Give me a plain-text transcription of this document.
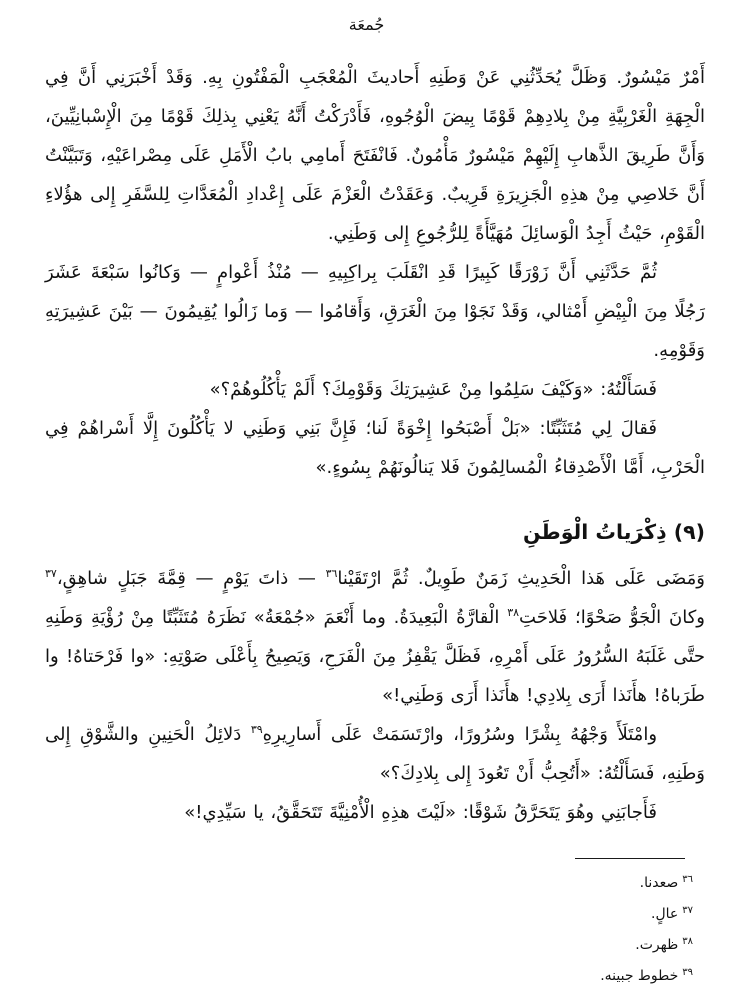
جُمعَة

أَمْرٌ مَيْسُورٌ. وَظَلَّ يُحَدِّثُنِي عَنْ وَطَنِهِ أَحاديثَ الْمُعْجَبِ الْمَفْتُونِ بِهِ. وَقَدْ أَخْبَرَنِي أَنَّ فِي الْجِهَةِ الْغَرْبِيَّةِ مِنْ بِلادِهِمْ قَوْمًا بِيضَ الْوُجُوهِ، فَأَدْرَكْتُ أَنَّهُ يَعْنِي بِذلِكَ قَوْمًا مِنَ الْإِسْبانِيِّينَ، وَأَنَّ طَرِيقَ الذَّهابِ إِلَيْهِمْ مَيْسُورٌ مَأْمُونٌ. فَانْفَتَحَ أَمامِي بابُ الْأَمَلِ عَلَى مِصْراعَيْهِ، وَتَبَيَّنْتُ أَنَّ خَلاصِي مِنْ هذِهِ الْجَزِيرَةِ قَرِيبٌ. وَعَقَدْتُ الْعَزْمَ عَلَى إِعْدادِ الْمُعَدَّاتِ لِلسَّفَرِ إِلى هؤُلاءِ الْقَوْمِ، حَيْثُ أَجِدُ الْوَسائِلَ مُهَيَّأَةً لِلرُّجُوعِ إِلى وَطَنِي.

ثُمَّ حَدَّثَنِي أَنَّ زَوْرَقًا كَبِيرًا قَدِ انْقَلَبَ بِراكِبِيهِ — مُنْذُ أَعْوامٍ — وَكانُوا سَبْعَةَ عَشَرَ رَجُلًا مِنَ الْبِيْضِ أَمْثالي، وَقَدْ نَجَوْا مِنَ الْغَرَقِ، وَأَقامُوا — وَما زَالُوا يُقِيمُونَ — بَيْنَ عَشِيرَتِهِ وَقَوْمِهِ.

فَسَأَلْتُهُ: «وَكَيْفَ سَلِمُوا مِنْ عَشِيرَتِكَ وَقَوْمِكَ؟ أَلَمْ يَأْكُلُوهُمْ؟»

فَقالَ لِي مُتَثَبِّتًا: «بَلْ أَصْبَحُوا إِخْوَةً لَنا؛ فَإِنَّ بَنِي وَطَنِي لا يَأْكُلُونَ إِلَّا أَسْراهُمْ فِي الْحَرْبِ، أَمَّا الْأَصْدِقاءُ الْمُسالِمُونَ فَلا يَنالُونَهُمْ بِسُوءٍ.»

(٩) ذِكْرَياتُ الْوَطَنِ

وَمَضَى عَلَى هَذا الْحَدِيثِ زَمَنٌ طَوِيلٌ. ثُمَّ ارْتَقَيْنا$^{٣٦}$ — ذاتَ يَوْمٍ — قِمَّةَ جَبَلٍ شاهِقٍ،$^{٣٧}$ وكانَ الْجَوُّ صَحْوًا؛ فَلاحَتِ$^{٣٨}$ الْقارَّةُ الْبَعِيدَةُ. وما أَنْعَمَ «جُمْعَةُ» نَظَرَهُ مُتَثَبِّتًا مِنْ رُؤْيَةِ وَطَنِهِ حتَّى غَلَبَهُ السُّرُورُ عَلَى أَمْرِهِ، فَظَلَّ يَقْفِزُ مِنَ الْفَرَحِ، وَيَصِيحُ بِأَعْلَى صَوْتِهِ: «وا فَرْحَتاهُ! وا طَرَباهُ! هأَنَذا أَرَى بِلادِي! هأَنَذا أَرَى وَطَنِي!»

وامْتَلَأَ وَجْهُهُ بِشْرًا وسُرُورًا، وارْتَسَمَتْ عَلَى أَسارِيرِهِ$^{٣٩}$ دَلائِلُ الْحَنِينِ والشَّوْقِ إِلى وَطَنِهِ، فَسَأَلْتُهُ: «أَتُحِبُّ أَنْ تَعُودَ إِلى بِلادِكَ؟»

فَأَجابَنِي وهُوَ يَتَحَرَّقُ شَوْقًا: «لَيْتَ هذِهِ الْأُمْنِيَّةَ تَتَحَقَّقُ، يا سَيِّدِي!»

$^{٣٦}$صعدنا.
$^{٣٧}$عالٍ.
$^{٣٨}$ظهرت.
$^{٣٩}$خطوط جبينه.
